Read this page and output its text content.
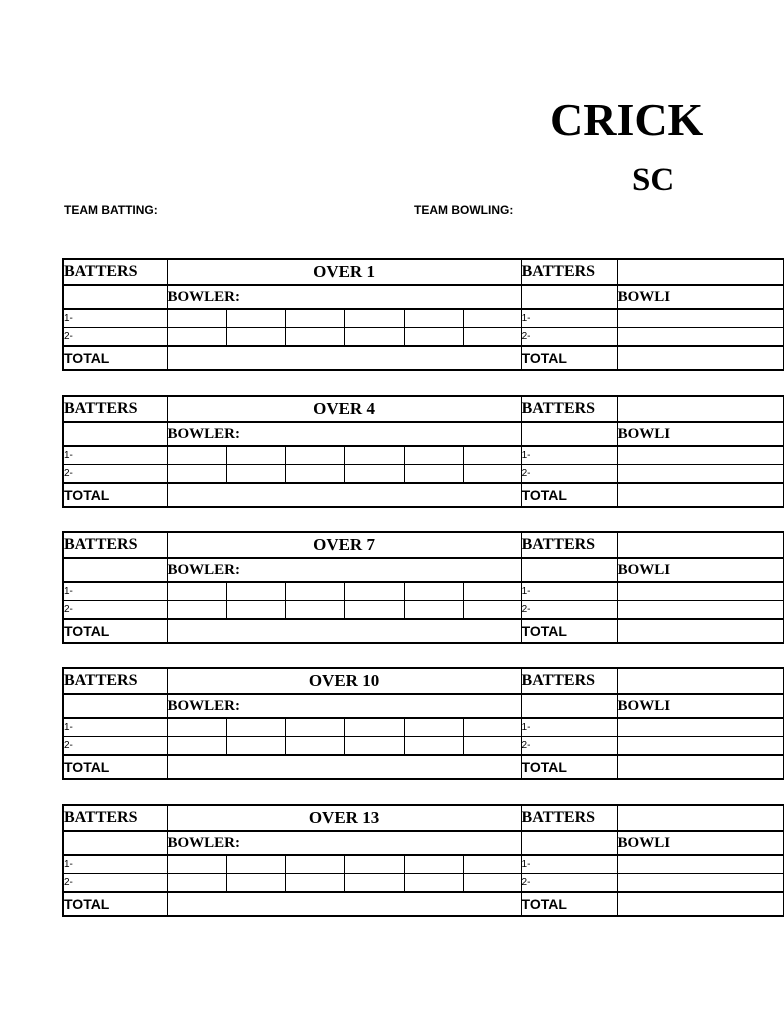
CRICK
SC
TEAM BATTING:	TEAM BOWLING:
BATTERS	OVER 1						BATTERS	
	BOWLER:							BOWLI
1-							1-	
2-							2-	
TOTAL							TOTAL	
BATTERS	OVER 4						BATTERS	
	BOWLER:							BOWLI
1-							1-	
2-							2-	
TOTAL							TOTAL	
BATTERS	OVER 7						BATTERS	
	BOWLER:							BOWLI
1-							1-	
2-							2-	
TOTAL							TOTAL	
BATTERS	OVER 10						BATTERS	
	BOWLER:							BOWLI
1-							1-	
2-							2-	
TOTAL							TOTAL	
BATTERS	OVER 13						BATTERS	
	BOWLER:							BOWLI
1-							1-	
2-							2-	
TOTAL							TOTAL	
